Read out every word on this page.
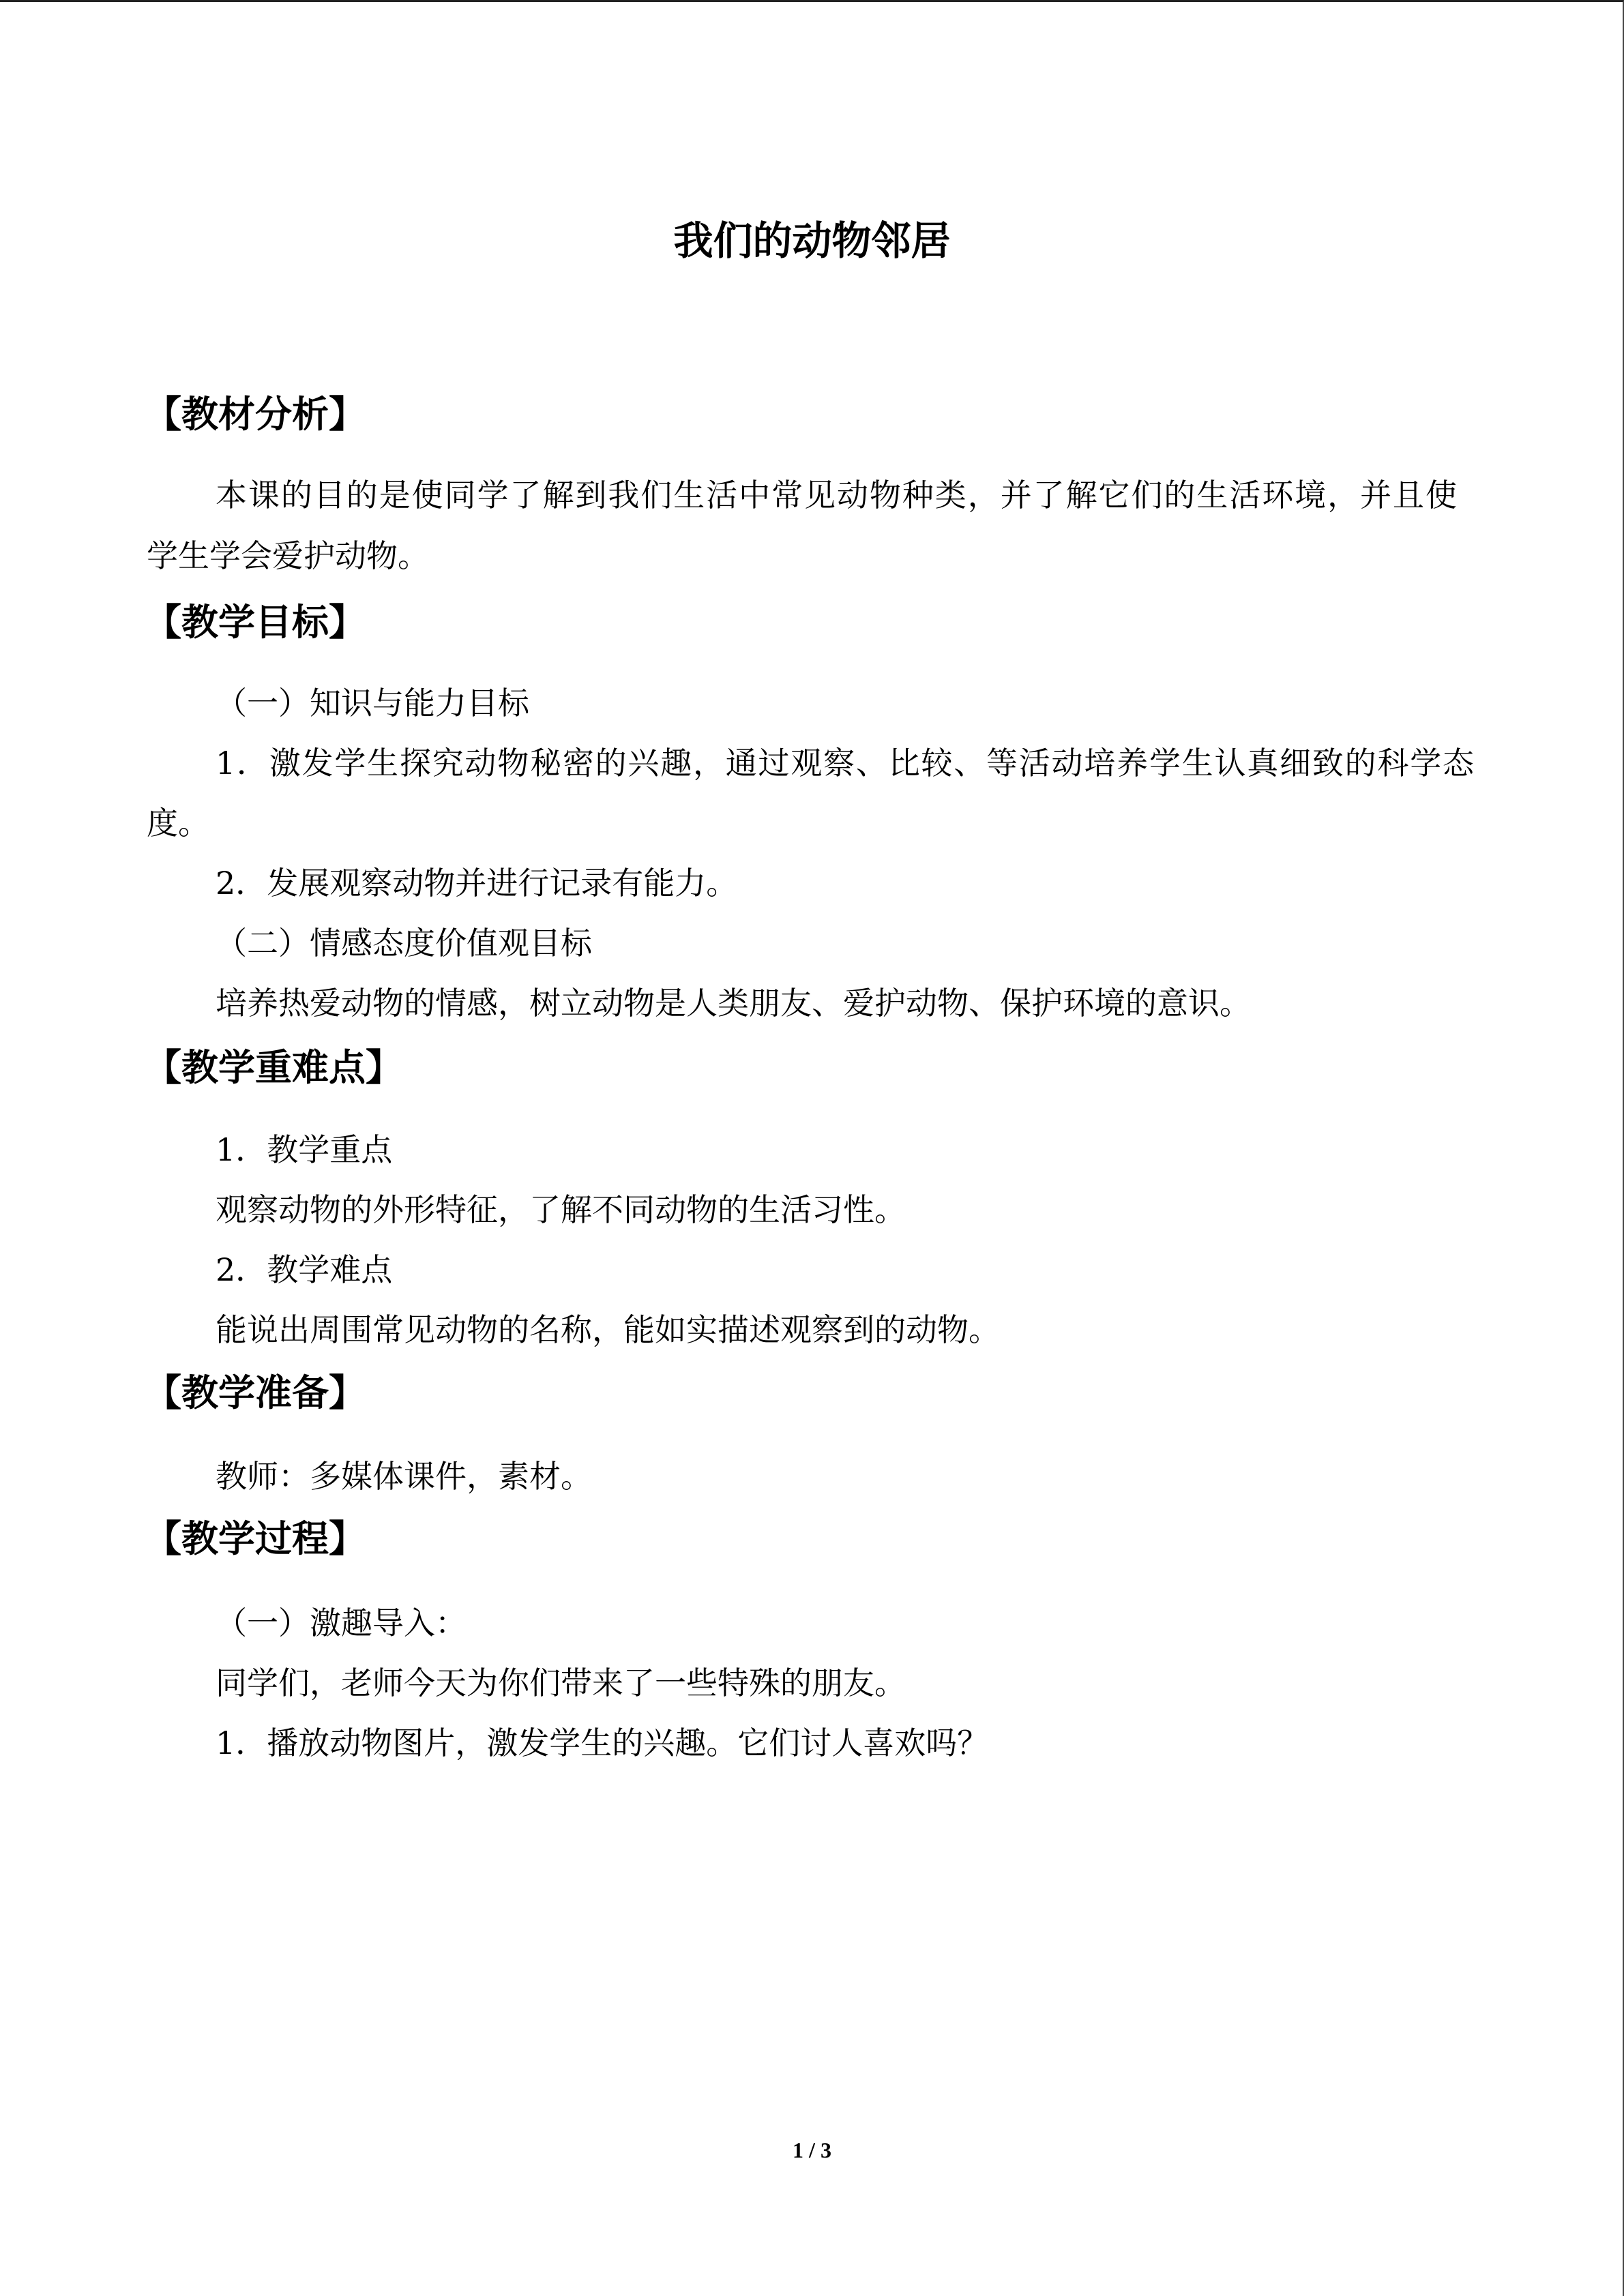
我们的动物邻居
【教材分析】
本课的目的是使同学了解到我们生活中常见动物种类，并了解它们的生活环境，并且使
学生学会爱护动物。
【教学目标】
（一）知识与能力目标
1．激发学生探究动物秘密的兴趣，通过观察、比较、等活动培养学生认真细致的科学态
度。
2．发展观察动物并进行记录有能力。
（二）情感态度价值观目标
培养热爱动物的情感，树立动物是人类朋友、爱护动物、保护环境的意识。
【教学重难点】
1．教学重点
观察动物的外形特征，了解不同动物的生活习性。
2．教学难点
能说出周围常见动物的名称，能如实描述观察到的动物。
【教学准备】
教师：多媒体课件，素材。
【教学过程】
（一）激趣导入：
同学们，老师今天为你们带来了一些特殊的朋友。
1．播放动物图片，激发学生的兴趣。它们讨人喜欢吗？
1 / 3
